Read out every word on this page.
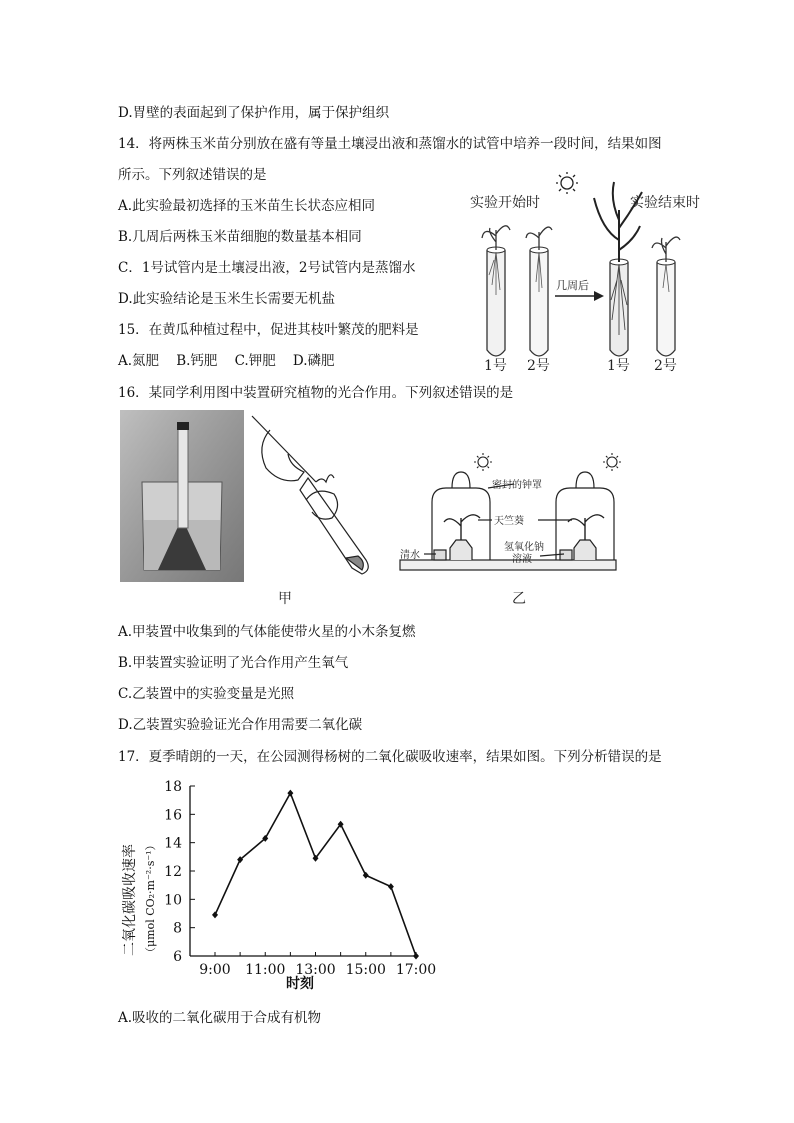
D.胃壁的表面起到了保护作用，属于保护组织
14．将两株玉米苗分别放在盛有等量土壤浸出液和蒸馏水的试管中培养一段时间，结果如图
所示。下列叙述错误的是
A.此实验最初选择的玉米苗生长状态应相同
B.几周后两株玉米苗细胞的数量基本相同
C．1号试管内是土壤浸出液，2号试管内是蒸馏水
D.此实验结论是玉米生长需要无机盐
15．在黄瓜种植过程中，促进其枝叶繁茂的肥料是
A.氮肥    B.钙肥    C.钾肥    D.磷肥
16．某同学利用图中装置研究植物的光合作用。下列叙述错误的是
A.甲装置中收集到的气体能使带火星的小木条复燃
B.甲装置实验证明了光合作用产生氧气
C.乙装置中的实验变量是光照
D.乙装置实验验证光合作用需要二氧化碳
17．夏季晴朗的一天，在公园测得杨树的二氧化碳吸收速率，结果如图。下列分析错误的是
A.吸收的二氧化碳用于合成有机物
实验开始时	实验结束时
几周后
1号 2号	1号 2号
甲
密封的钟罩
天竺葵
清水
氢氧化钠
溶液
乙
二氧化碳吸收速率 （μmol CO₂·m⁻²·s⁻¹） 6
8
10
12
14
16
18
9:00 11:00 13:00 15:00 17:00
时刻
